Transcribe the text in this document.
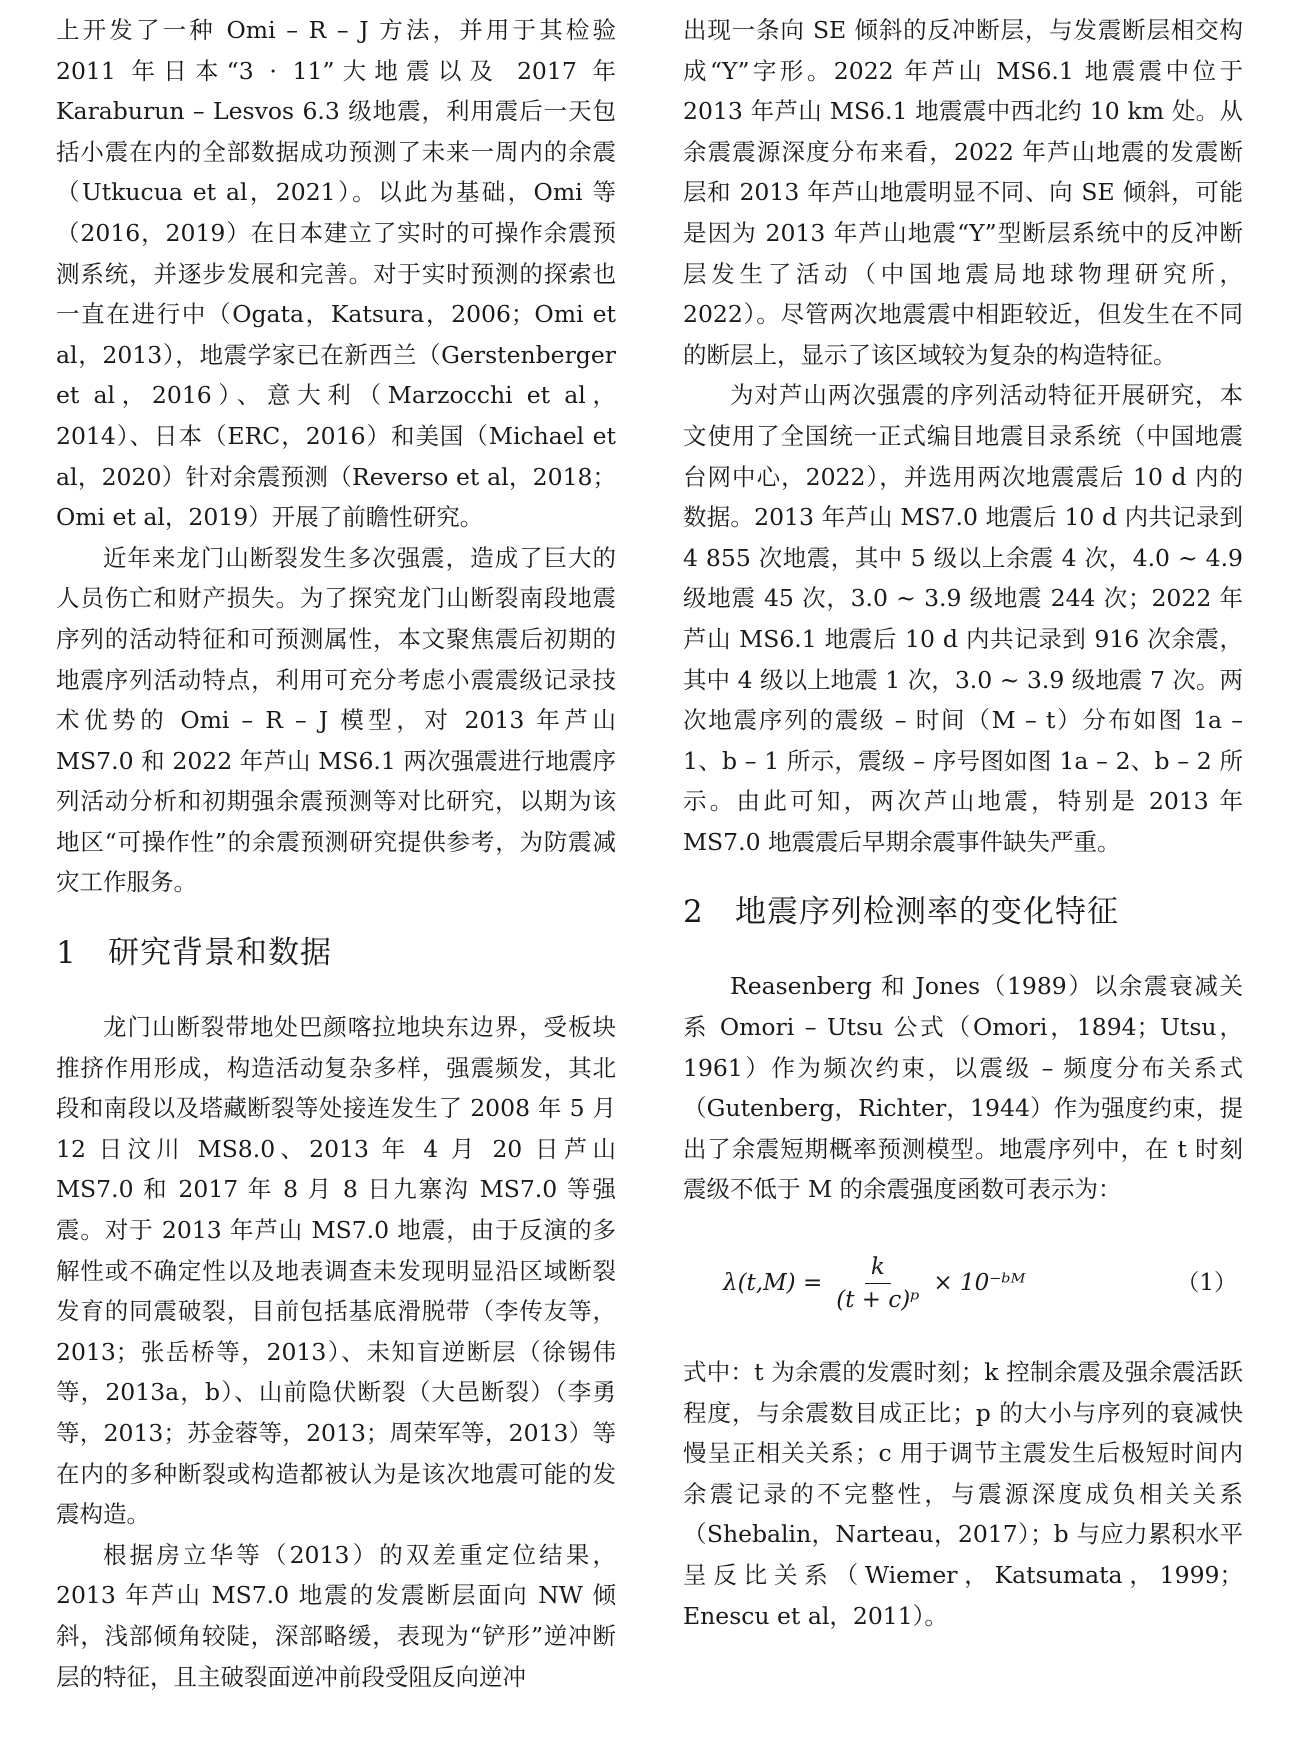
上开发了一种 Omi – R – J 方法，并用于其检验 2011 年日本“3 · 11”大地震以及 2017 年 Karaburun – Lesvos 6.3 级地震，利用震后一天包括小震在内的全部数据成功预测了未来一周内的余震（Utkucua et al，2021）。以此为基础，Omi 等（2016，2019）在日本建立了实时的可操作余震预测系统，并逐步发展和完善。对于实时预测的探索也一直在进行中（Ogata，Katsura，2006；Omi et al，2013），地震学家已在新西兰（Gerstenberger et al，2016）、意大利（Marzocchi et al，2014）、日本（ERC，2016）和美国（Michael et al，2020）针对余震预测（Reverso et al，2018；Omi et al，2019）开展了前瞻性研究。

近年来龙门山断裂发生多次强震，造成了巨大的人员伤亡和财产损失。为了探究龙门山断裂南段地震序列的活动特征和可预测属性，本文聚焦震后初期的地震序列活动特点，利用可充分考虑小震震级记录技术优势的 Omi – R – J 模型，对 2013 年芦山 MS7.0 和 2022 年芦山 MS6.1 两次强震进行地震序列活动分析和初期强余震预测等对比研究，以期为该地区“可操作性”的余震预测研究提供参考，为防震减灾工作服务。

1 研究背景和数据

龙门山断裂带地处巴颜喀拉地块东边界，受板块推挤作用形成，构造活动复杂多样，强震频发，其北段和南段以及塔藏断裂等处接连发生了 2008 年 5 月 12 日汶川 MS8.0、2013 年 4 月 20 日芦山 MS7.0 和 2017 年 8 月 8 日九寨沟 MS7.0 等强震。对于 2013 年芦山 MS7.0 地震，由于反演的多解性或不确定性以及地表调查未发现明显沿区域断裂发育的同震破裂，目前包括基底滑脱带（李传友等，2013；张岳桥等，2013）、未知盲逆断层（徐锡伟等，2013a，b）、山前隐伏断裂（大邑断裂）（李勇等，2013；苏金蓉等，2013；周荣军等，2013）等在内的多种断裂或构造都被认为是该次地震可能的发震构造。

根据房立华等（2013）的双差重定位结果，2013 年芦山 MS7.0 地震的发震断层面向 NW 倾斜，浅部倾角较陡，深部略缓，表现为“铲形”逆冲断层的特征，且主破裂面逆冲前段受阻反向逆冲

出现一条向 SE 倾斜的反冲断层，与发震断层相交构成“Y”字形。2022 年芦山 MS6.1 地震震中位于 2013 年芦山 MS6.1 地震震中西北约 10 km 处。从余震震源深度分布来看，2022 年芦山地震的发震断层和 2013 年芦山地震明显不同、向 SE 倾斜，可能是因为 2013 年芦山地震“Y”型断层系统中的反冲断层发生了活动（中国地震局地球物理研究所，2022）。尽管两次地震震中相距较近，但发生在不同的断层上，显示了该区域较为复杂的构造特征。

为对芦山两次强震的序列活动特征开展研究，本文使用了全国统一正式编目地震目录系统（中国地震台网中心，2022），并选用两次地震震后 10 d 内的数据。2013 年芦山 MS7.0 地震后 10 d 内共记录到 4 855 次地震，其中 5 级以上余震 4 次，4.0 ~ 4.9 级地震 45 次，3.0 ~ 3.9 级地震 244 次；2022 年芦山 MS6.1 地震后 10 d 内共记录到 916 次余震，其中 4 级以上地震 1 次，3.0 ~ 3.9 级地震 7 次。两次地震序列的震级 – 时间（M – t）分布如图 1a – 1、b – 1 所示，震级 – 序号图如图 1a – 2、b – 2 所示。由此可知，两次芦山地震，特别是 2013 年 MS7.0 地震震后早期余震事件缺失严重。

2 地震序列检测率的变化特征

Reasenberg 和 Jones（1989）以余震衰减关系 Omori – Utsu 公式（Omori，1894；Utsu，1961）作为频次约束，以震级 – 频度分布关系式（Gutenberg，Richter，1944）作为强度约束，提出了余震短期概率预测模型。地震序列中，在 t 时刻震级不低于 M 的余震强度函数可表示为：

$\lambda(t,M) = \frac{k}{\text{(t + c)ᵖ}}$ × 10⁻ᵇᴹ	（1）

式中：t 为余震的发震时刻；k 控制余震及强余震活跃程度，与余震数目成正比；p 的大小与序列的衰减快慢呈正相关关系；c 用于调节主震发生后极短时间内余震记录的不完整性，与震源深度成负相关关系（Shebalin，Narteau，2017）；b 与应力累积水平呈反比关系（Wiemer，Katsumata，1999；Enescu et al，2011）。
